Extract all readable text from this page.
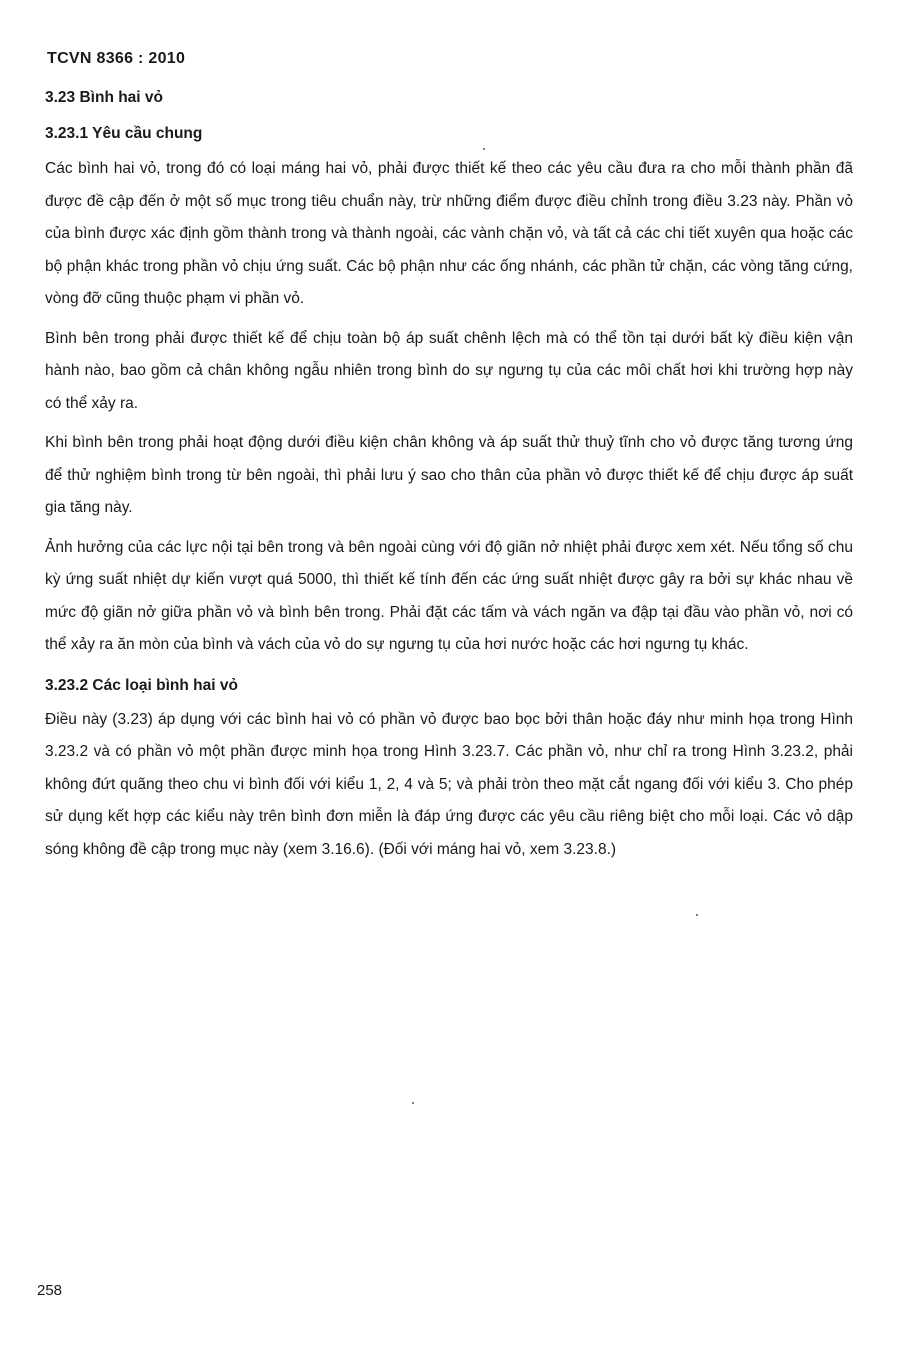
TCVN 8366 : 2010
3.23 Bình hai vỏ
3.23.1 Yêu cầu chung

Các bình hai vỏ, trong đó có loại máng hai vỏ, phải được thiết kế theo các yêu cầu đưa ra cho mỗi thành phần đã được đề cập đến ở một số mục trong tiêu chuẩn này, trừ những điểm được điều chỉnh trong điều 3.23 này. Phần vỏ của bình được xác định gồm thành trong và thành ngoài, các vành chặn vỏ, và tất cả các chi tiết xuyên qua hoặc các bộ phận khác trong phần vỏ chịu ứng suất. Các bộ phận như các ống nhánh, các phần tử chặn, các vòng tăng cứng, vòng đỡ cũng thuộc phạm vi phần vỏ.

Bình bên trong phải được thiết kế để chịu toàn bộ áp suất chênh lệch mà có thể tồn tại dưới bất kỳ điều kiện vận hành nào, bao gồm cả chân không ngẫu nhiên trong bình do sự ngưng tụ của các môi chất hơi khi trường hợp này có thể xảy ra.

Khi bình bên trong phải hoạt động dưới điều kiện chân không và áp suất thử thuỷ tĩnh cho vỏ được tăng tương ứng để thử nghiệm bình trong từ bên ngoài, thì phải lưu ý sao cho thân của phần vỏ được thiết kế để chịu được áp suất gia tăng này.

Ảnh hưởng của các lực nội tại bên trong và bên ngoài cùng với độ giãn nở nhiệt phải được xem xét. Nếu tổng số chu kỳ ứng suất nhiệt dự kiến vượt quá 5000, thì thiết kế tính đến các ứng suất nhiệt được gây ra bởi sự khác nhau về mức độ giãn nở giữa phần vỏ và bình bên trong. Phải đặt các tấm và vách ngăn va đập tại đầu vào phần vỏ, nơi có thể xảy ra ăn mòn của bình và vách của vỏ do sự ngưng tụ của hơi nước hoặc các hơi ngưng tụ khác.

3.23.2 Các loại bình hai vỏ

Điều này (3.23) áp dụng với các bình hai vỏ có phần vỏ được bao bọc bởi thân hoặc đáy như minh họa trong Hình 3.23.2 và có phần vỏ một phần được minh họa trong Hình 3.23.7. Các phần vỏ, như chỉ ra trong Hình 3.23.2, phải không đứt quãng theo chu vi bình đối với kiểu 1, 2, 4 và 5; và phải tròn theo mặt cắt ngang đối với kiểu 3. Cho phép sử dụng kết hợp các kiểu này trên bình đơn miễn là đáp ứng được các yêu cầu riêng biệt cho mỗi loại. Các vỏ dập sóng không đề cập trong mục này (xem 3.16.6). (Đối với máng hai vỏ, xem 3.23.8.)

258
